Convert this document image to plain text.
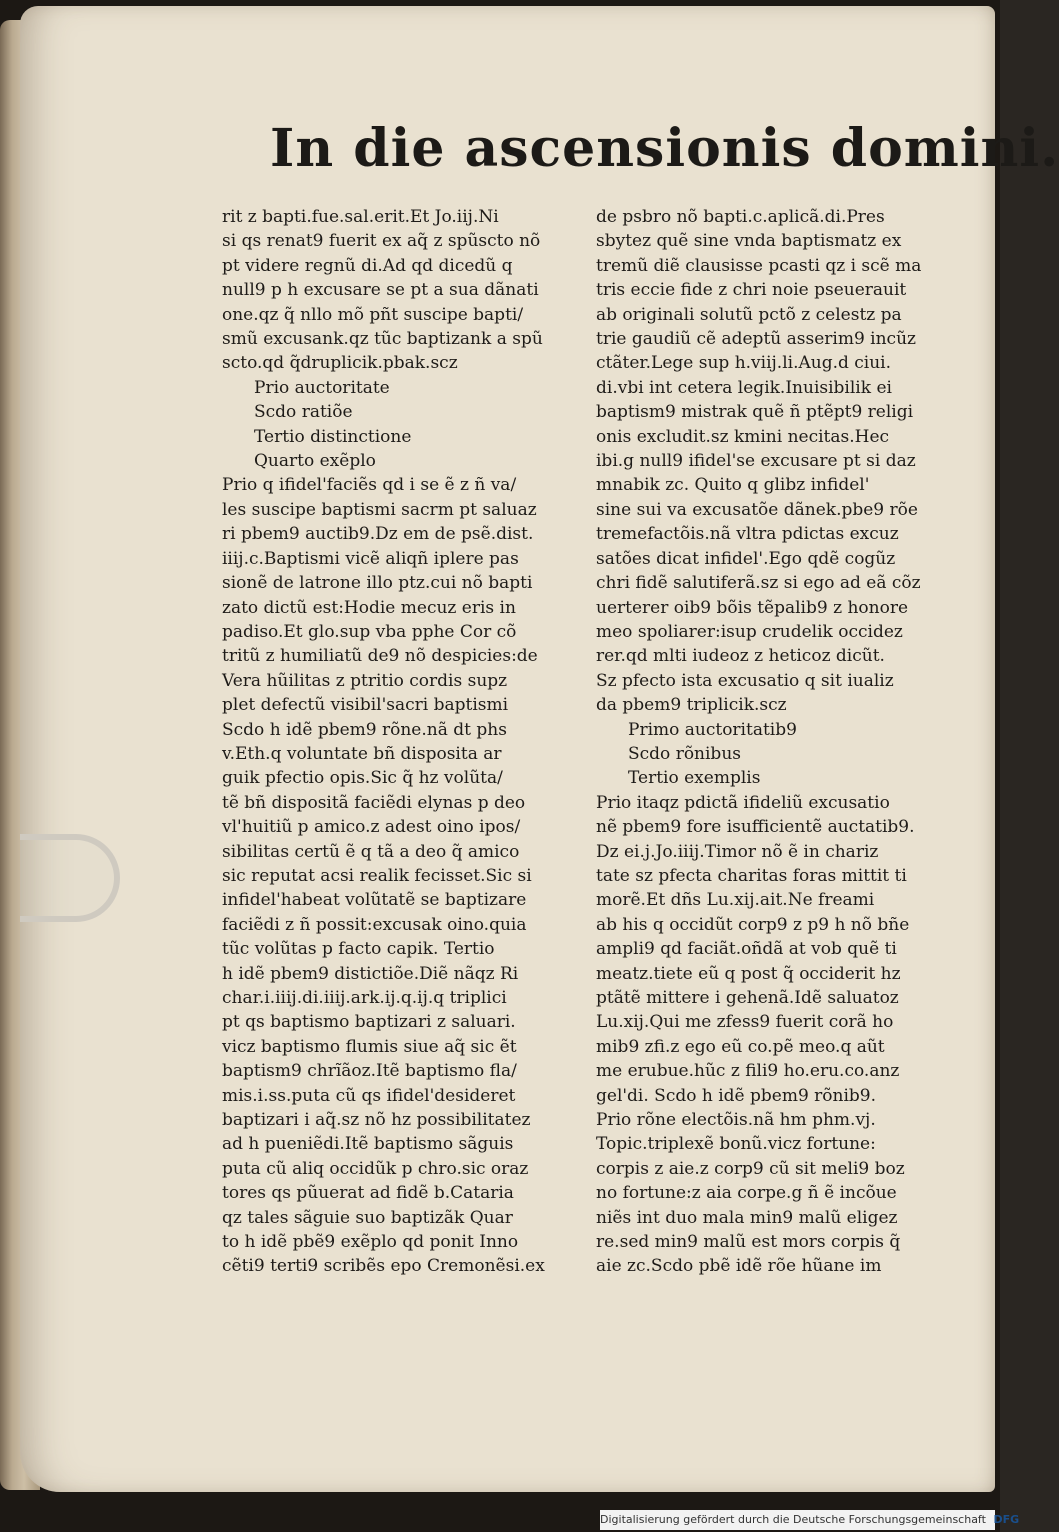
In die ascensionis domini.
rit z bapti.fue.sal.erit.Et Jo.iij.Ni
si qs renat9 fuerit ex aq̃ z spũscto nõ
pt videre regnũ di.Ad qd dicedũ q
null9 p h excusare se pt a sua dãnati
one.qz q̃ nllo mõ pñt suscipe bapti/
smũ excusank.qz tũc baptizank a spũ
scto.qd q̃druplicik.pbak.scz
Prio auctoritate
Scdo ratiõe
Tertio distinctione
Quarto exẽplo
Prio q ifidel'faciẽs qd i se ẽ z ñ va/
les suscipe baptismi sacrm pt saluaz
ri pbem9 auctib9.Dz em de psẽ.dist.
iiij.c.Baptismi vicẽ aliqñ iplere pas
sionẽ de latrone illo ptz.cui nõ bapti
zato dictũ est:Hodie mecuz eris in
padiso.Et glo.sup vba pphe Cor cõ
tritũ z humiliatũ de9 nõ despicies:de
Vera hũilitas z ptritio cordis supz
plet defectũ visibil'sacri baptismi
Scdo h idẽ pbem9 rõne.nã dt phs
v.Eth.q voluntate bñ disposita ar
guik pfectio opis.Sic q̃ hz volũta/
tẽ bñ dispositã faciẽdi elynas p deo
vl'huitiũ p amico.z adest oino ipos/
sibilitas certũ ẽ q tã a deo q̃ amico
sic reputat acsi realik fecisset.Sic si
infidel'habeat volũtatẽ se baptizare
faciẽdi z ñ possit:excusak oino.quia
tũc volũtas p facto capik. Tertio
h idẽ pbem9 distictiõe.Diẽ nãqz Ri
char.i.iiij.di.iiij.ark.ij.q.ij.q triplici
pt qs baptismo baptizari z saluari.
vicz baptismo flumis siue aq̃ sic ẽt
baptism9 chrĩãoz.Itẽ baptismo fla/
mis.i.ss.puta cũ qs ifidel'desideret
baptizari i aq̃.sz nõ hz possibilitatez
ad h pueniẽdi.Itẽ baptismo sãguis
puta cũ aliq occidũk p chro.sic oraz
tores qs pũuerat ad fidẽ b.Cataria
qz tales sãguie suo baptizãk Quar
to h idẽ pbẽ9 exẽplo qd ponit Inno
cẽti9 terti9 scribẽs epo Cremonẽsi.ex
de psbro nõ bapti.c.aplicã.di.Pres
sbytez quẽ sine vnda baptismatz ex
tremũ diẽ clausisse pcasti qz i scẽ ma
tris eccie fide z chri noie pseuerauit
ab originali solutũ pctõ z celestz pa
trie gaudiũ cẽ adeptũ asserim9 incũz
ctãter.Lege sup h.viij.li.Aug.d ciui.
di.vbi int cetera legik.Inuisibilik ei
baptism9 mistrak quẽ ñ ptẽpt9 religi
onis excludit.sz kmini necitas.Hec
ibi.g null9 ifidel'se excusare pt si daz
mnabik zc. Quito q glibz infidel'
sine sui va excusatõe dãnek.pbe9 rõe
tremefactõis.nã vltra pdictas excuz
satões dicat infidel'.Ego qdẽ cogũz
chri fidẽ salutiferã.sz si ego ad eã cõz
uerterer oib9 bõis tẽpalib9 z honore
meo spoliarer:isup crudelik occidez
rer.qd mlti iudeoz z heticoz dicũt.
Sz pfecto ista excusatio q sit iualiz
da pbem9 triplicik.scz
Primo auctoritatib9
Scdo rõnibus
Tertio exemplis
Prio itaqz pdictã ifideliũ excusatio
nẽ pbem9 fore isufficientẽ auctatib9.
Dz ei.j.Jo.iiij.Timor nõ ẽ in chariz
tate sz pfecta charitas foras mittit ti
morẽ.Et dñs Lu.xij.ait.Ne freami
ab his q occidũt corp9 z p9 h nõ bñe
ampli9 qd faciãt.oñdã at vob quẽ ti
meatz.tiete eũ q post q̃ occiderit hz
ptãtẽ mittere i gehenã.Idẽ saluatoz
Lu.xij.Qui me zfess9 fuerit corã ho
mib9 zfi.z ego eũ co.pẽ meo.q aũt
me erubue.hũc z fili9 ho.eru.co.anz
gel'di. Scdo h idẽ pbem9 rõnib9.
Prio rõne electõis.nã hm phm.vj.
Topic.triplexẽ bonũ.vicz fortune:
corpis z aie.z corp9 cũ sit meli9 boz
no fortune:z aia corpe.g ñ ẽ incõue
niẽs int duo mala min9 malũ eligez
re.sed min9 malũ est mors corpis q̃
aie zc.Scdo pbẽ idẽ rõe hũane im
Digitalisierung gefördert durch die Deutsche Forschungsgemeinschaft DFG
